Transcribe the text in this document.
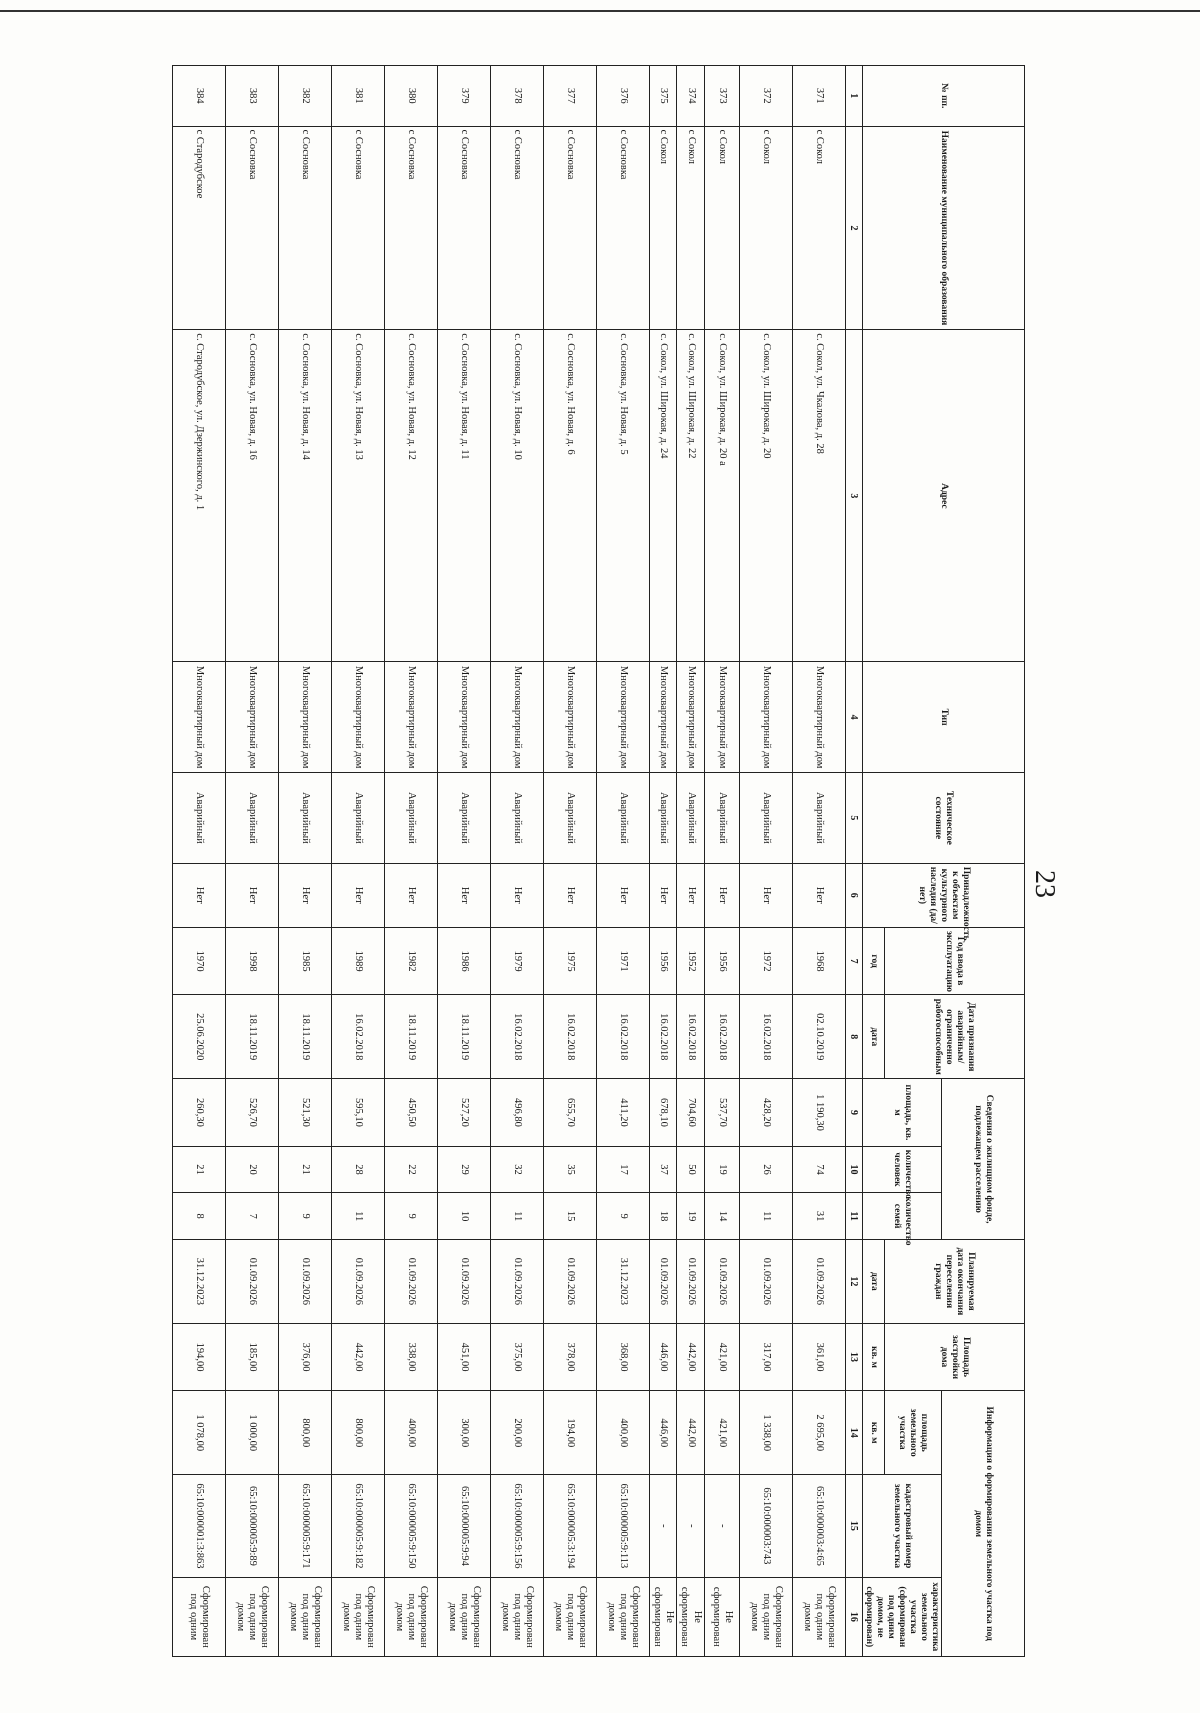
23
№ пп.	Наименование муниципального образования	Адрес	Тип	Техническое состояние	Принадлежность к объектам культурного наследия (да/нет)	Год ввода в эксплуатацию	Дата признания аварийным/ограниченно работоспособным	Сведения о жилищном фонде, подлежащем расселению			Планируемая дата окончания переселения граждан	Площадь застройки дома	Информация о формировании земельного участка под домом		
								площадь, кв. м	количество человек	количество семей			площадь земельного участка	кадастровый номер земельного участка	характеристика земельного участка (сформирован под одним домом, не сформирован)
						год	дата				дата	кв. м	кв. м		
1	2	3	4	5	6	7	8	9	10	11	12	13	14	15	16
371	с Сокол	с. Сокол, ул. Чкалова, д. 28	Многоквартирный дом	Аварийный	Нет	1968	02.10.2019	1 190,30	74	31	01.09.2026	361,00	2 695,00	65:10:000003:4:65	Сформирован под одним домом
372	с Сокол	с. Сокол, ул. Широкая, д. 20	Многоквартирный дом	Аварийный	Нет	1972	16.02.2018	428,20	26	11	01.09.2026	317,00	1 338,00	65:10:000003:743	Сформирован под одним домом
373	с Сокол	с. Сокол, ул. Широкая, д. 20 а	Многоквартирный дом	Аварийный	Нет	1956	16.02.2018	537,70	19	14	01.09.2026	421,00	421,00	-	Не сформирован
374	с Сокол	с. Сокол, ул. Широкая, д. 22	Многоквартирный дом	Аварийный	Нет	1952	16.02.2018	704,60	50	19	01.09.2026	442,00	442,00	-	Не сформирован
375	с Сокол	с. Сокол, ул. Широкая, д. 24	Многоквартирный дом	Аварийный	Нет	1956	16.02.2018	678,10	37	18	01.09.2026	446,00	446,00	-	Не сформирован
376	с Сосновка	с. Сосновка, ул. Новая, д. 5	Многоквартирный дом	Аварийный	Нет	1971	16.02.2018	411,20	17	9	31.12.2023	368,00	400,00	65:10:000005:9:113	Сформирован под одним домом
377	с Сосновка	с. Сосновка, ул. Новая, д. 6	Многоквартирный дом	Аварийный	Нет	1975	16.02.2018	655,70	35	15	01.09.2026	378,00	194,00	65:10:000005:3:194	Сформирован под одним домом
378	с Сосновка	с. Сосновка, ул. Новая, д. 10	Многоквартирный дом	Аварийный	Нет	1979	16.02.2018	496,80	32	11	01.09.2026	375,00	200,00	65:10:000005:9:156	Сформирован под одним домом
379	с Сосновка	с. Сосновка, ул. Новая, д. 11	Многоквартирный дом	Аварийный	Нет	1986	18.11.2019	527,20	29	10	01.09.2026	451,00	300,00	65:10:000005:9:94	Сформирован под одним домом
380	с Сосновка	с. Сосновка, ул. Новая, д. 12	Многоквартирный дом	Аварийный	Нет	1982	18.11.2019	450,50	22	9	01.09.2026	338,00	400,00	65:10:000005:9:150	Сформирован под одним домом
381	с Сосновка	с. Сосновка, ул. Новая, д. 13	Многоквартирный дом	Аварийный	Нет	1989	16.02.2018	595,10	28	11	01.09.2026	442,00	800,00	65:10:000005:9:182	Сформирован под одним домом
382	с Сосновка	с. Сосновка, ул. Новая, д. 14	Многоквартирный дом	Аварийный	Нет	1985	18.11.2019	521,30	21	9	01.09.2026	376,00	800,00	65:10:000005:9:171	Сформирован под одним домом
383	с Сосновка	с. Сосновка, ул. Новая, д. 16	Многоквартирный дом	Аварийный	Нет	1998	18.11.2019	526,70	20	7	01.09.2026	185,00	1 000,00	65:10:000005:9:89	Сформирован под одним домом
384	с Стародубское	с. Стародубское, ул. Дзержинского, д. 1	Многоквартирный дом	Аварийный	Нет	1970	25.06.2020	260,30	21	8	31.12.2023	194,00	1 078,00	65:10:000001:3:863	Сформирован под одним
